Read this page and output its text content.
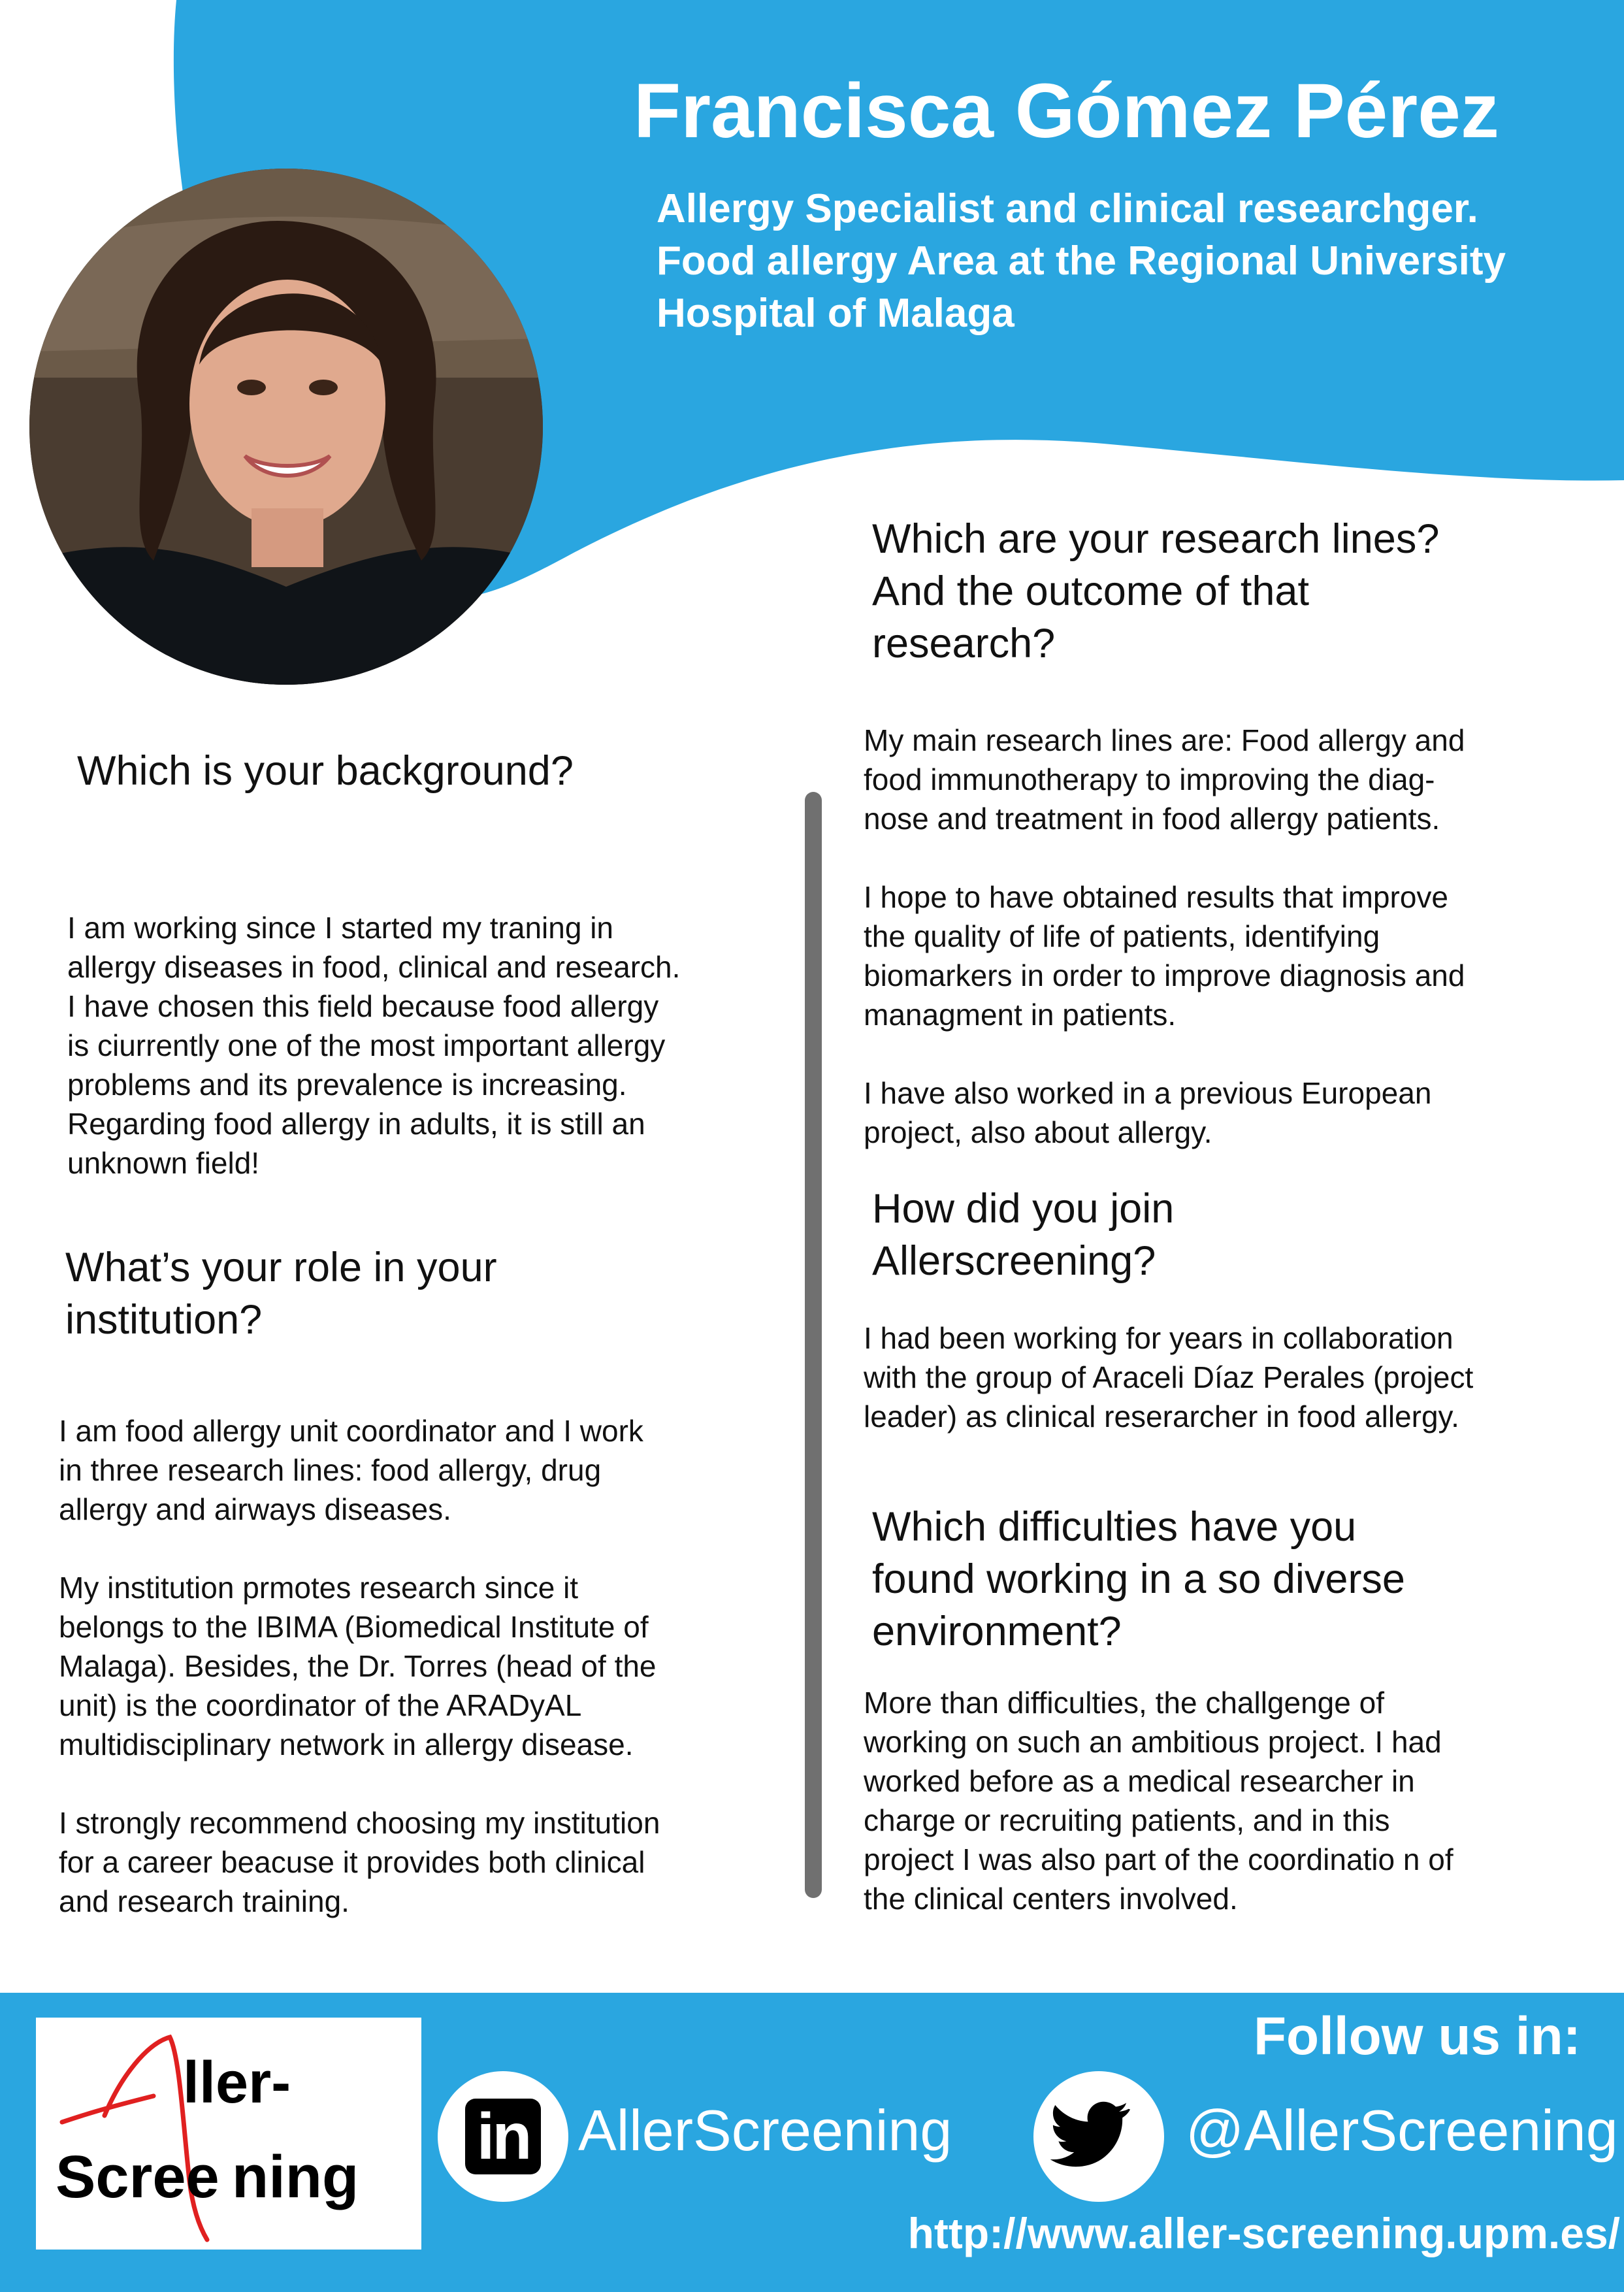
Francisca Gómez Pérez
Allergy Specialist and clinical researchger.
Food allergy Area at the Regional University
Hospital of Malaga
Which is your background?
I am working since I started my traning in
allergy diseases in food, clinical and research.
I have chosen this field because food allergy
is ciurrently one of the most important allergy
problems and its prevalence is increasing.
Regarding food allergy in adults, it is still an
unknown field!
What’s your role in your
institution?

I am food allergy unit coordinator and I work
in three research lines: food allergy, drug
allergy and airways diseases.

My institution prmotes research since it
belongs to the IBIMA (Biomedical Institute of
Malaga). Besides, the Dr. Torres (head of the
unit) is the coordinator of the ARADyAL
multidisciplinary network in allergy disease.

I strongly recommend choosing my institution
for a career beacuse it provides both clinical
and research training.

Which are your research lines?
And the outcome of that
research?

My main research lines are: Food allergy and
food immunotherapy to improving the diag-
nose and treatment in food allergy patients.

I hope to have obtained results that improve
the quality of life of patients, identifying
biomarkers in order to improve diagnosis and
managment in patients.

I have also worked in a previous European
project, also about allergy.

How did you join
Allerscreening?
I had been working for years in collaboration
with the group of Araceli Díaz Perales (project
leader) as clinical reserarcher in food allergy.
Which difficulties have you
found working in a so diverse
environment?
More than difficulties, the challgenge of
working on such an ambitious project. I had
worked before as a medical researcher in
charge or recruiting patients, and in this
project I was also part of the coordinatio n of
the clinical centers involved.
ller-
Scree ning
Follow us in:
in AllerScreening	@AllerScreening
http://www.aller-screening.upm.es/
